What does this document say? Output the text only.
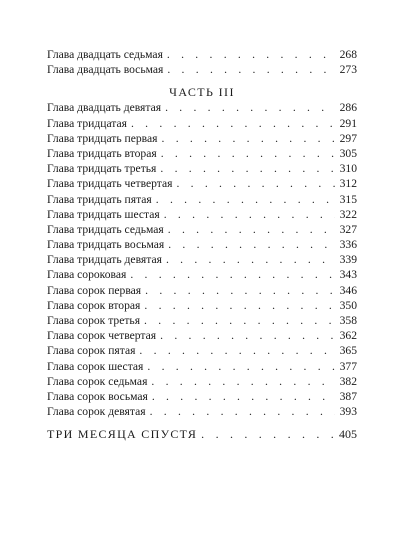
Глава двадцать седьмая . . .	268
Глава двадцать восьмая . . .	273
ЧАСТЬ III
Глава двадцать девятая . . .	286
Глава тридцатая . . .	291
Глава тридцать первая . . .	297
Глава тридцать вторая . . .	305
Глава тридцать третья . . .	310
Глава тридцать четвертая . . .	312
Глава тридцать пятая . . .	315
Глава тридцать шестая . . .	322
Глава тридцать седьмая . . .	327
Глава тридцать восьмая . . .	336
Глава тридцать девятая . . .	339
Глава сороковая . . .	343
Глава сорок первая . . .	346
Глава сорок вторая . . .	350
Глава сорок третья . . .	358
Глава сорок четвертая . . .	362
Глава сорок пятая . . .	365
Глава сорок шестая . . .	377
Глава сорок седьмая . . .	382
Глава сорок восьмая . . .	387
Глава сорок девятая . . .	393
ТРИ МЕСЯЦА СПУСТЯ . . .	405
